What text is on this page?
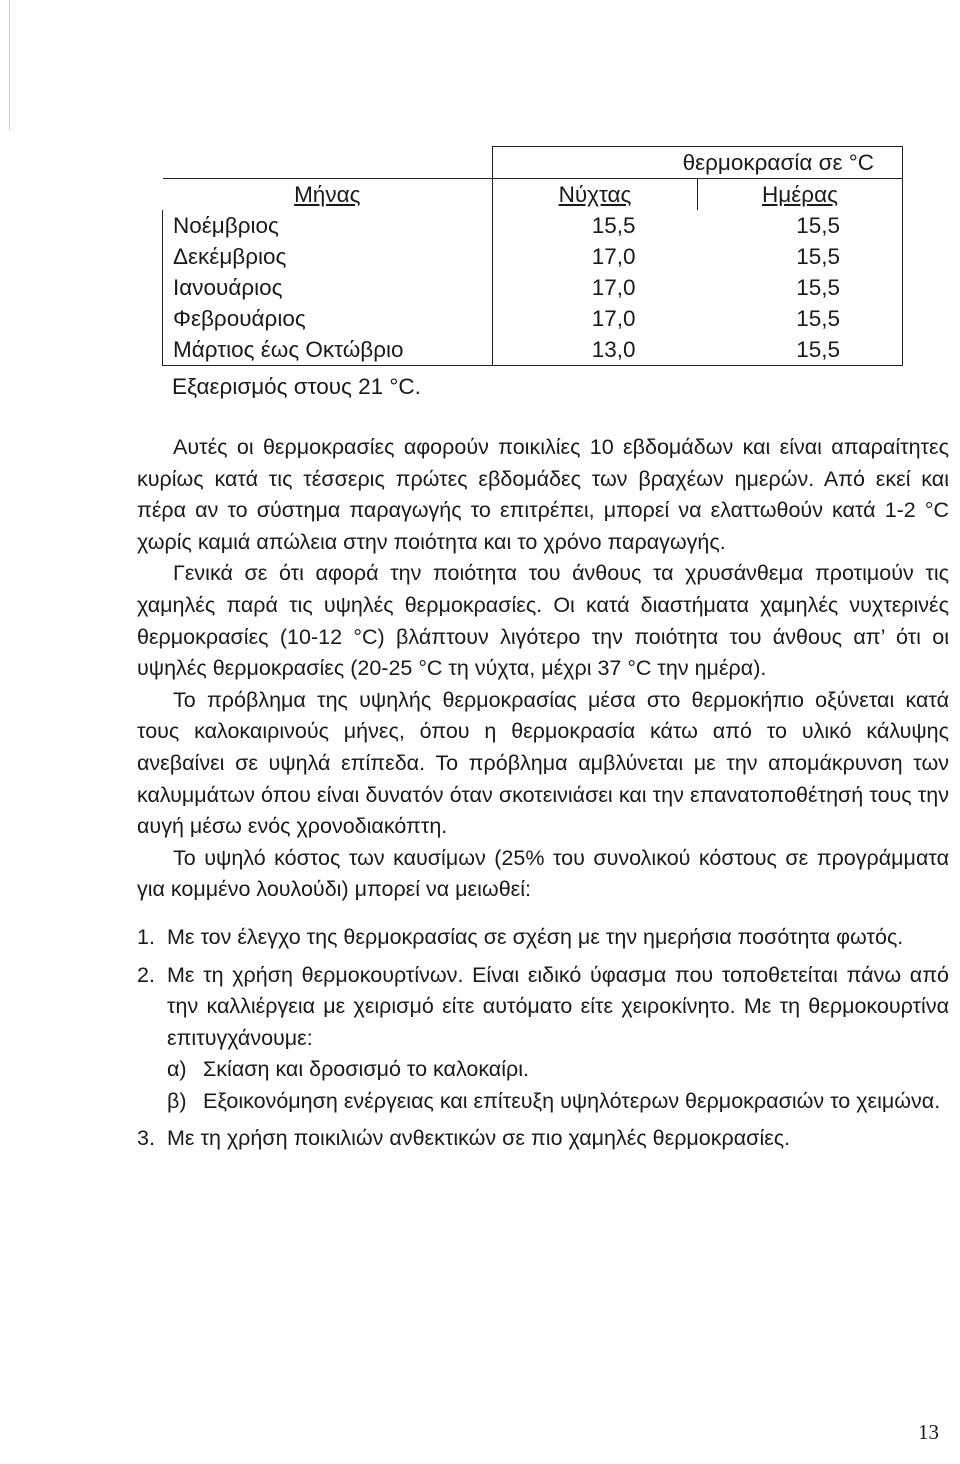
	θερμοκρασία σε °C	
Μήνας	Νύχτας	Ημέρας
Νοέμβριος	15,5	15,5
Δεκέμβριος	17,0	15,5
Ιανουάριος	17,0	15,5
Φεβρουάριος	17,0	15,5
Μάρτιος έως Οκτώβριο	13,0	15,5
Εξαερισμός στους 21 °C.

Αυτές οι θερμοκρασίες αφορούν ποικιλίες 10 εβδομάδων και είναι απαραίτητες κυρίως κατά τις τέσσερις πρώτες εβδομάδες των βραχέων ημερών. Από εκεί και πέρα αν το σύστημα παραγωγής το επιτρέπει, μπορεί να ελαττωθούν κατά 1-2 °C χωρίς καμιά απώλεια στην ποιότητα και το χρόνο παραγωγής.

Γενικά σε ότι αφορά την ποιότητα του άνθους τα χρυσάνθεμα προτιμούν τις χαμηλές παρά τις υψηλές θερμοκρασίες. Οι κατά διαστήματα χαμηλές νυχτερινές θερμοκρασίες (10-12 °C) βλάπτουν λιγότερο την ποιότητα του άνθους απ’ ότι οι υψηλές θερμοκρασίες (20-25 °C τη νύχτα, μέχρι 37 °C την ημέρα).

Το πρόβλημα της υψηλής θερμοκρασίας μέσα στο θερμοκήπιο οξύνεται κατά τους καλοκαιρινούς μήνες, όπου η θερμοκρασία κάτω από το υλικό κάλυψης ανεβαίνει σε υψηλά επίπεδα. Το πρόβλημα αμβλύνεται με την απομάκρυνση των καλυμμάτων όπου είναι δυνατόν όταν σκοτεινιάσει και την επανατοποθέτησή τους την αυγή μέσω ενός χρονοδιακόπτη.

Το υψηλό κόστος των καυσίμων (25% του συνολικού κόστους σε προγράμματα για κομμένο λουλούδι) μπορεί να μειωθεί:

1. Με τον έλεγχο της θερμοκρασίας σε σχέση με την ημερήσια ποσότητα φωτός.
2. Με τη χρήση θερμοκουρτίνων. Είναι ειδικό ύφασμα που τοποθετείται πάνω από την καλλιέργεια με χειρισμό είτε αυτόματο είτε χειροκίνητο. Με τη θερμοκουρτίνα επιτυγχάνουμε:
α) Σκίαση και δροσισμό το καλοκαίρι.
β) Εξοικονόμηση ενέργειας και επίτευξη υψηλότερων θερμοκρασιών το χειμώνα.
3. Με τη χρήση ποικιλιών ανθεκτικών σε πιο χαμηλές θερμοκρασίες.
13
